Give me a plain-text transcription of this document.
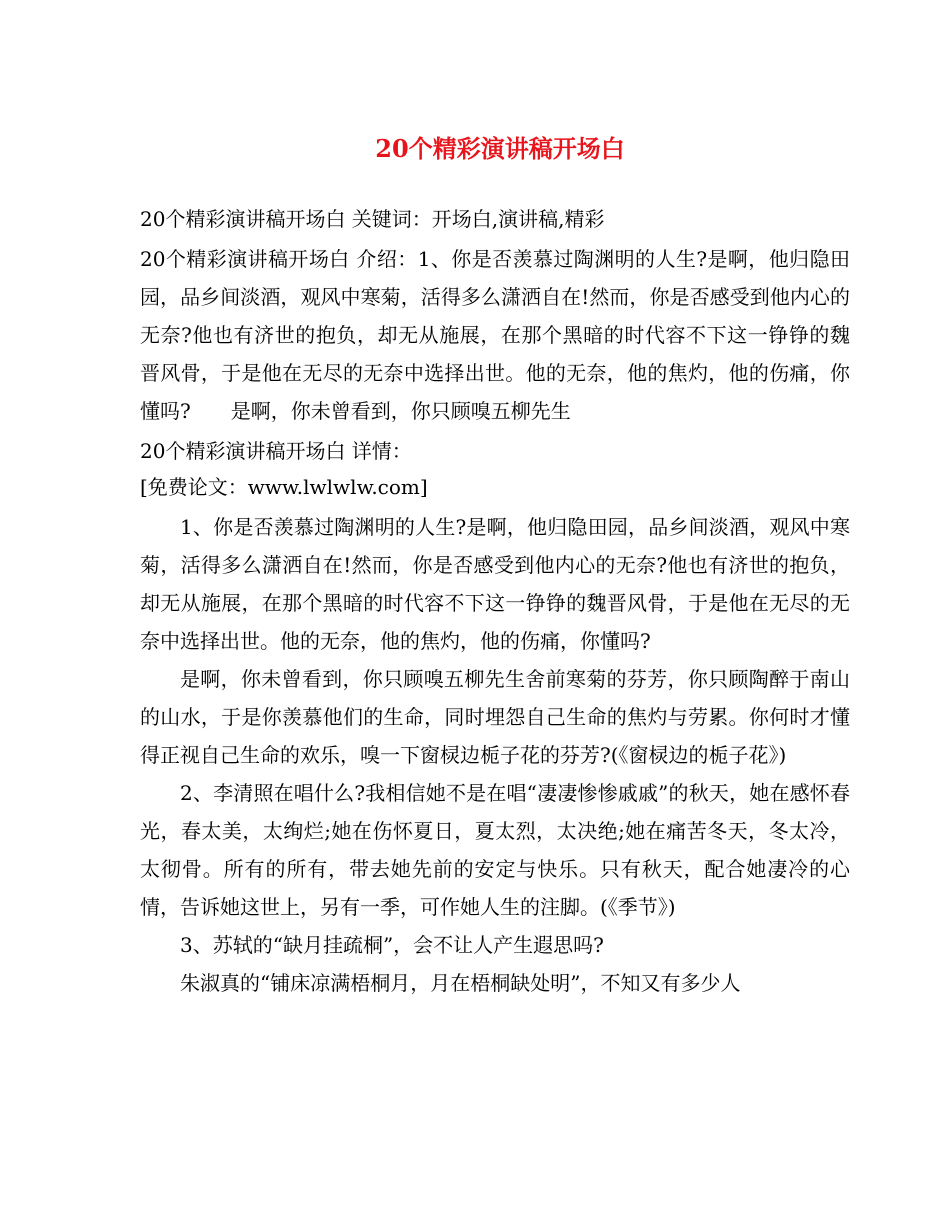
20个精彩演讲稿开场白

20个精彩演讲稿开场白 关键词：开场白,演讲稿,精彩

20个精彩演讲稿开场白 介绍：1、你是否羡慕过陶渊明的人生?是啊，他归隐田园，品乡间淡酒，观风中寒菊，活得多么潇洒自在!然而，你是否感受到他内心的无奈?他也有济世的抱负，却无从施展，在那个黑暗的时代容不下这一铮铮的魏晋风骨，于是他在无尽的无奈中选择出世。他的无奈，他的焦灼，他的伤痛，你懂吗?　　是啊，你未曾看到，你只顾嗅五柳先生

20个精彩演讲稿开场白 详情：

[免费论文：www.lwlwlw.com]

1、你是否羡慕过陶渊明的人生?是啊，他归隐田园，品乡间淡酒，观风中寒菊，活得多么潇洒自在!然而，你是否感受到他内心的无奈?他也有济世的抱负，却无从施展，在那个黑暗的时代容不下这一铮铮的魏晋风骨，于是他在无尽的无奈中选择出世。他的无奈，他的焦灼，他的伤痛，你懂吗?

是啊，你未曾看到，你只顾嗅五柳先生舍前寒菊的芬芳，你只顾陶醉于南山的山水，于是你羡慕他们的生命，同时埋怨自己生命的焦灼与劳累。你何时才懂得正视自己生命的欢乐，嗅一下窗棂边栀子花的芬芳?(《窗棂边的栀子花》)

2、李清照在唱什么?我相信她不是在唱“凄凄惨惨戚戚”的秋天，她在感怀春光，春太美，太绚烂;她在伤怀夏日，夏太烈，太决绝;她在痛苦冬天，冬太冷，太彻骨。所有的所有，带去她先前的安定与快乐。只有秋天，配合她凄冷的心情，告诉她这世上，另有一季，可作她人生的注脚。(《季节》)

3、苏轼的“缺月挂疏桐”，会不让人产生遐思吗?

朱淑真的“铺床凉满梧桐月，月在梧桐缺处明”，不知又有多少人
